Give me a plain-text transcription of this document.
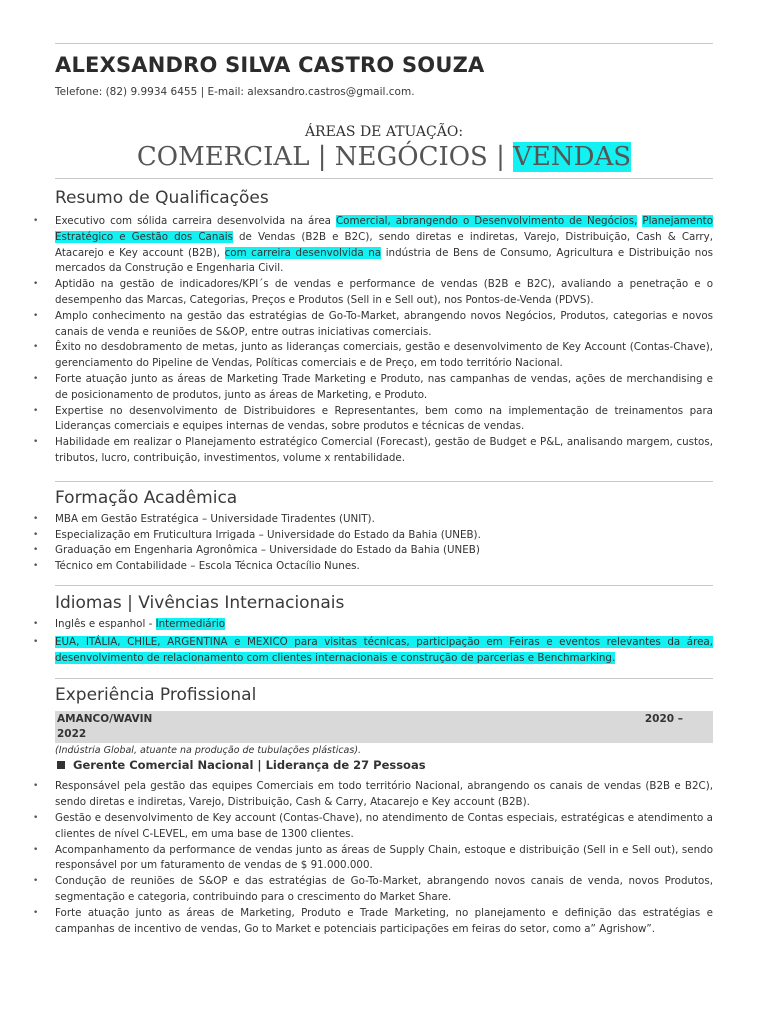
ALEXSANDRO SILVA CASTRO SOUZA
Telefone: (82) 9.9934 6455 | E-mail: alexsandro.castros@gmail.com.
ÁREAS DE ATUAÇÃO:
COMERCIAL | NEGÓCIOS | VENDAS
Resumo de Qualificações
• Executivo com sólida carreira desenvolvida na área Comercial, abrangendo o Desenvolvimento de Negócios, Planejamento Estratégico e Gestão dos Canais de Vendas (B2B e B2C), sendo diretas e indiretas, Varejo, Distribuição, Cash & Carry, Atacarejo e Key account (B2B), com carreira desenvolvida na indústria de Bens de Consumo, Agricultura e Distribuição nos mercados da Construção e Engenharia Civil.
• Aptidão na gestão de indicadores/KPI´s de vendas e performance de vendas (B2B e B2C), avaliando a penetração e o desempenho das Marcas, Categorias, Preços e Produtos (Sell in e Sell out), nos Pontos-de-Venda (PDVS).
• Amplo conhecimento na gestão das estratégias de Go-To-Market, abrangendo novos Negócios, Produtos, categorias e novos canais de venda e reuniões de S&OP, entre outras iniciativas comerciais.
• Êxito no desdobramento de metas, junto as lideranças comerciais, gestão e desenvolvimento de Key Account (Contas-Chave), gerenciamento do Pipeline de Vendas, Políticas comerciais e de Preço, em todo território Nacional.
• Forte atuação junto as áreas de Marketing Trade Marketing e Produto, nas campanhas de vendas, ações de merchandising e de posicionamento de produtos, junto as áreas de Marketing, e Produto.
• Expertise no desenvolvimento de Distribuidores e Representantes, bem como na implementação de treinamentos para Lideranças comerciais e equipes internas de vendas, sobre produtos e técnicas de vendas.
• Habilidade em realizar o Planejamento estratégico Comercial (Forecast), gestão de Budget e P&L, analisando margem, custos, tributos, lucro, contribuição, investimentos, volume x rentabilidade.
Formação Acadêmica
• MBA em Gestão Estratégica – Universidade Tiradentes (UNIT).
• Especialização em Fruticultura Irrigada – Universidade do Estado da Bahia (UNEB).
• Graduação em Engenharia Agronômica – Universidade do Estado da Bahia (UNEB)
• Técnico em Contabilidade – Escola Técnica Octacílio Nunes.
Idiomas | Vivências Internacionais
• Inglês e espanhol - Intermediário
• EUA, ITÁLIA, CHILE, ARGENTINA e MEXICO para visitas técnicas, participação em Feiras e eventos relevantes da área, desenvolvimento de relacionamento com clientes internacionais e construção de parcerias e Benchmarking.
Experiência Profissional
2020 –
AMANCO/WAVIN
2022
(Indústria Global, atuante na produção de tubulações plásticas).
Gerente Comercial Nacional | Liderança de 27 Pessoas
• Responsável pela gestão das equipes Comerciais em todo território Nacional, abrangendo os canais de vendas (B2B e B2C), sendo diretas e indiretas, Varejo, Distribuição, Cash & Carry, Atacarejo e Key account (B2B).
• Gestão e desenvolvimento de Key account (Contas-Chave), no atendimento de Contas especiais, estratégicas e atendimento a clientes de nível C-LEVEL, em uma base de 1300 clientes.
• Acompanhamento da performance de vendas junto as áreas de Supply Chain, estoque e distribuição (Sell in e Sell out), sendo responsável por um faturamento de vendas de $ 91.000.000.
• Condução de reuniões de S&OP e das estratégias de Go-To-Market, abrangendo novos canais de venda, novos Produtos, segmentação e categoria, contribuindo para o crescimento do Market Share.
• Forte atuação junto as áreas de Marketing, Produto e Trade Marketing, no planejamento e definição das estratégias e campanhas de incentivo de vendas, Go to Market e potenciais participações em feiras do setor, como a” Agrishow”.
